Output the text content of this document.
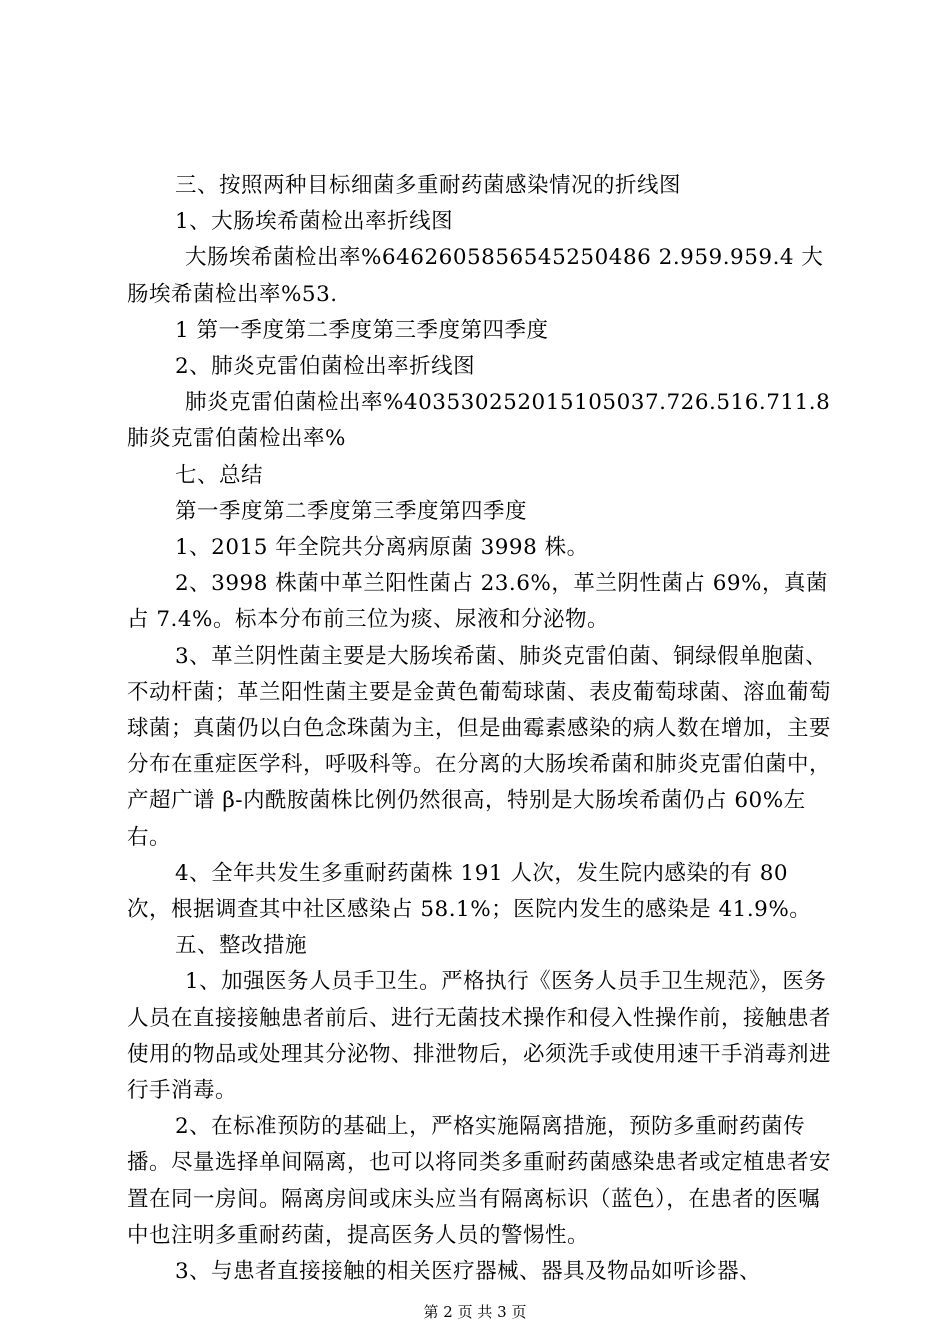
三、按照两种目标细菌多重耐药菌感染情况的折线图

1、大肠埃希菌检出率折线图

大肠埃希菌检出率%6462605856545250486 2.959.959.4 大肠埃希菌检出率%53.

1 第一季度第二季度第三季度第四季度

2、肺炎克雷伯菌检出率折线图

肺炎克雷伯菌检出率%403530252015105037.726.516.711.8 肺炎克雷伯菌检出率%

七、总结

第一季度第二季度第三季度第四季度

1、2015 年全院共分离病原菌 3998 株。

2、3998 株菌中革兰阳性菌占 23.6%，革兰阴性菌占 69%，真菌占 7.4%。标本分布前三位为痰、尿液和分泌物。

3、革兰阴性菌主要是大肠埃希菌、肺炎克雷伯菌、铜绿假单胞菌、不动杆菌；革兰阳性菌主要是金黄色葡萄球菌、表皮葡萄球菌、溶血葡萄球菌；真菌仍以白色念珠菌为主，但是曲霉素感染的病人数在增加，主要分布在重症医学科，呼吸科等。在分离的大肠埃希菌和肺炎克雷伯菌中，产超广谱 β-内酰胺菌株比例仍然很高，特别是大肠埃希菌仍占 60%左右。

4、全年共发生多重耐药菌株 191 人次，发生院内感染的有 80 次，根据调查其中社区感染占 58.1%；医院内发生的感染是 41.9%。

五、整改措施

1、加强医务人员手卫生。严格执行《医务人员手卫生规范》，医务人员在直接接触患者前后、进行无菌技术操作和侵入性操作前，接触患者使用的物品或处理其分泌物、排泄物后，必须洗手或使用速干手消毒剂进行手消毒。

2、在标准预防的基础上，严格实施隔离措施，预防多重耐药菌传播。尽量选择单间隔离，也可以将同类多重耐药菌感染患者或定植患者安置在同一房间。隔离房间或床头应当有隔离标识（蓝色），在患者的医嘱中也注明多重耐药菌，提高医务人员的警惕性。

3、与患者直接接触的相关医疗器械、器具及物品如听诊器、

第 2 页 共 3 页
